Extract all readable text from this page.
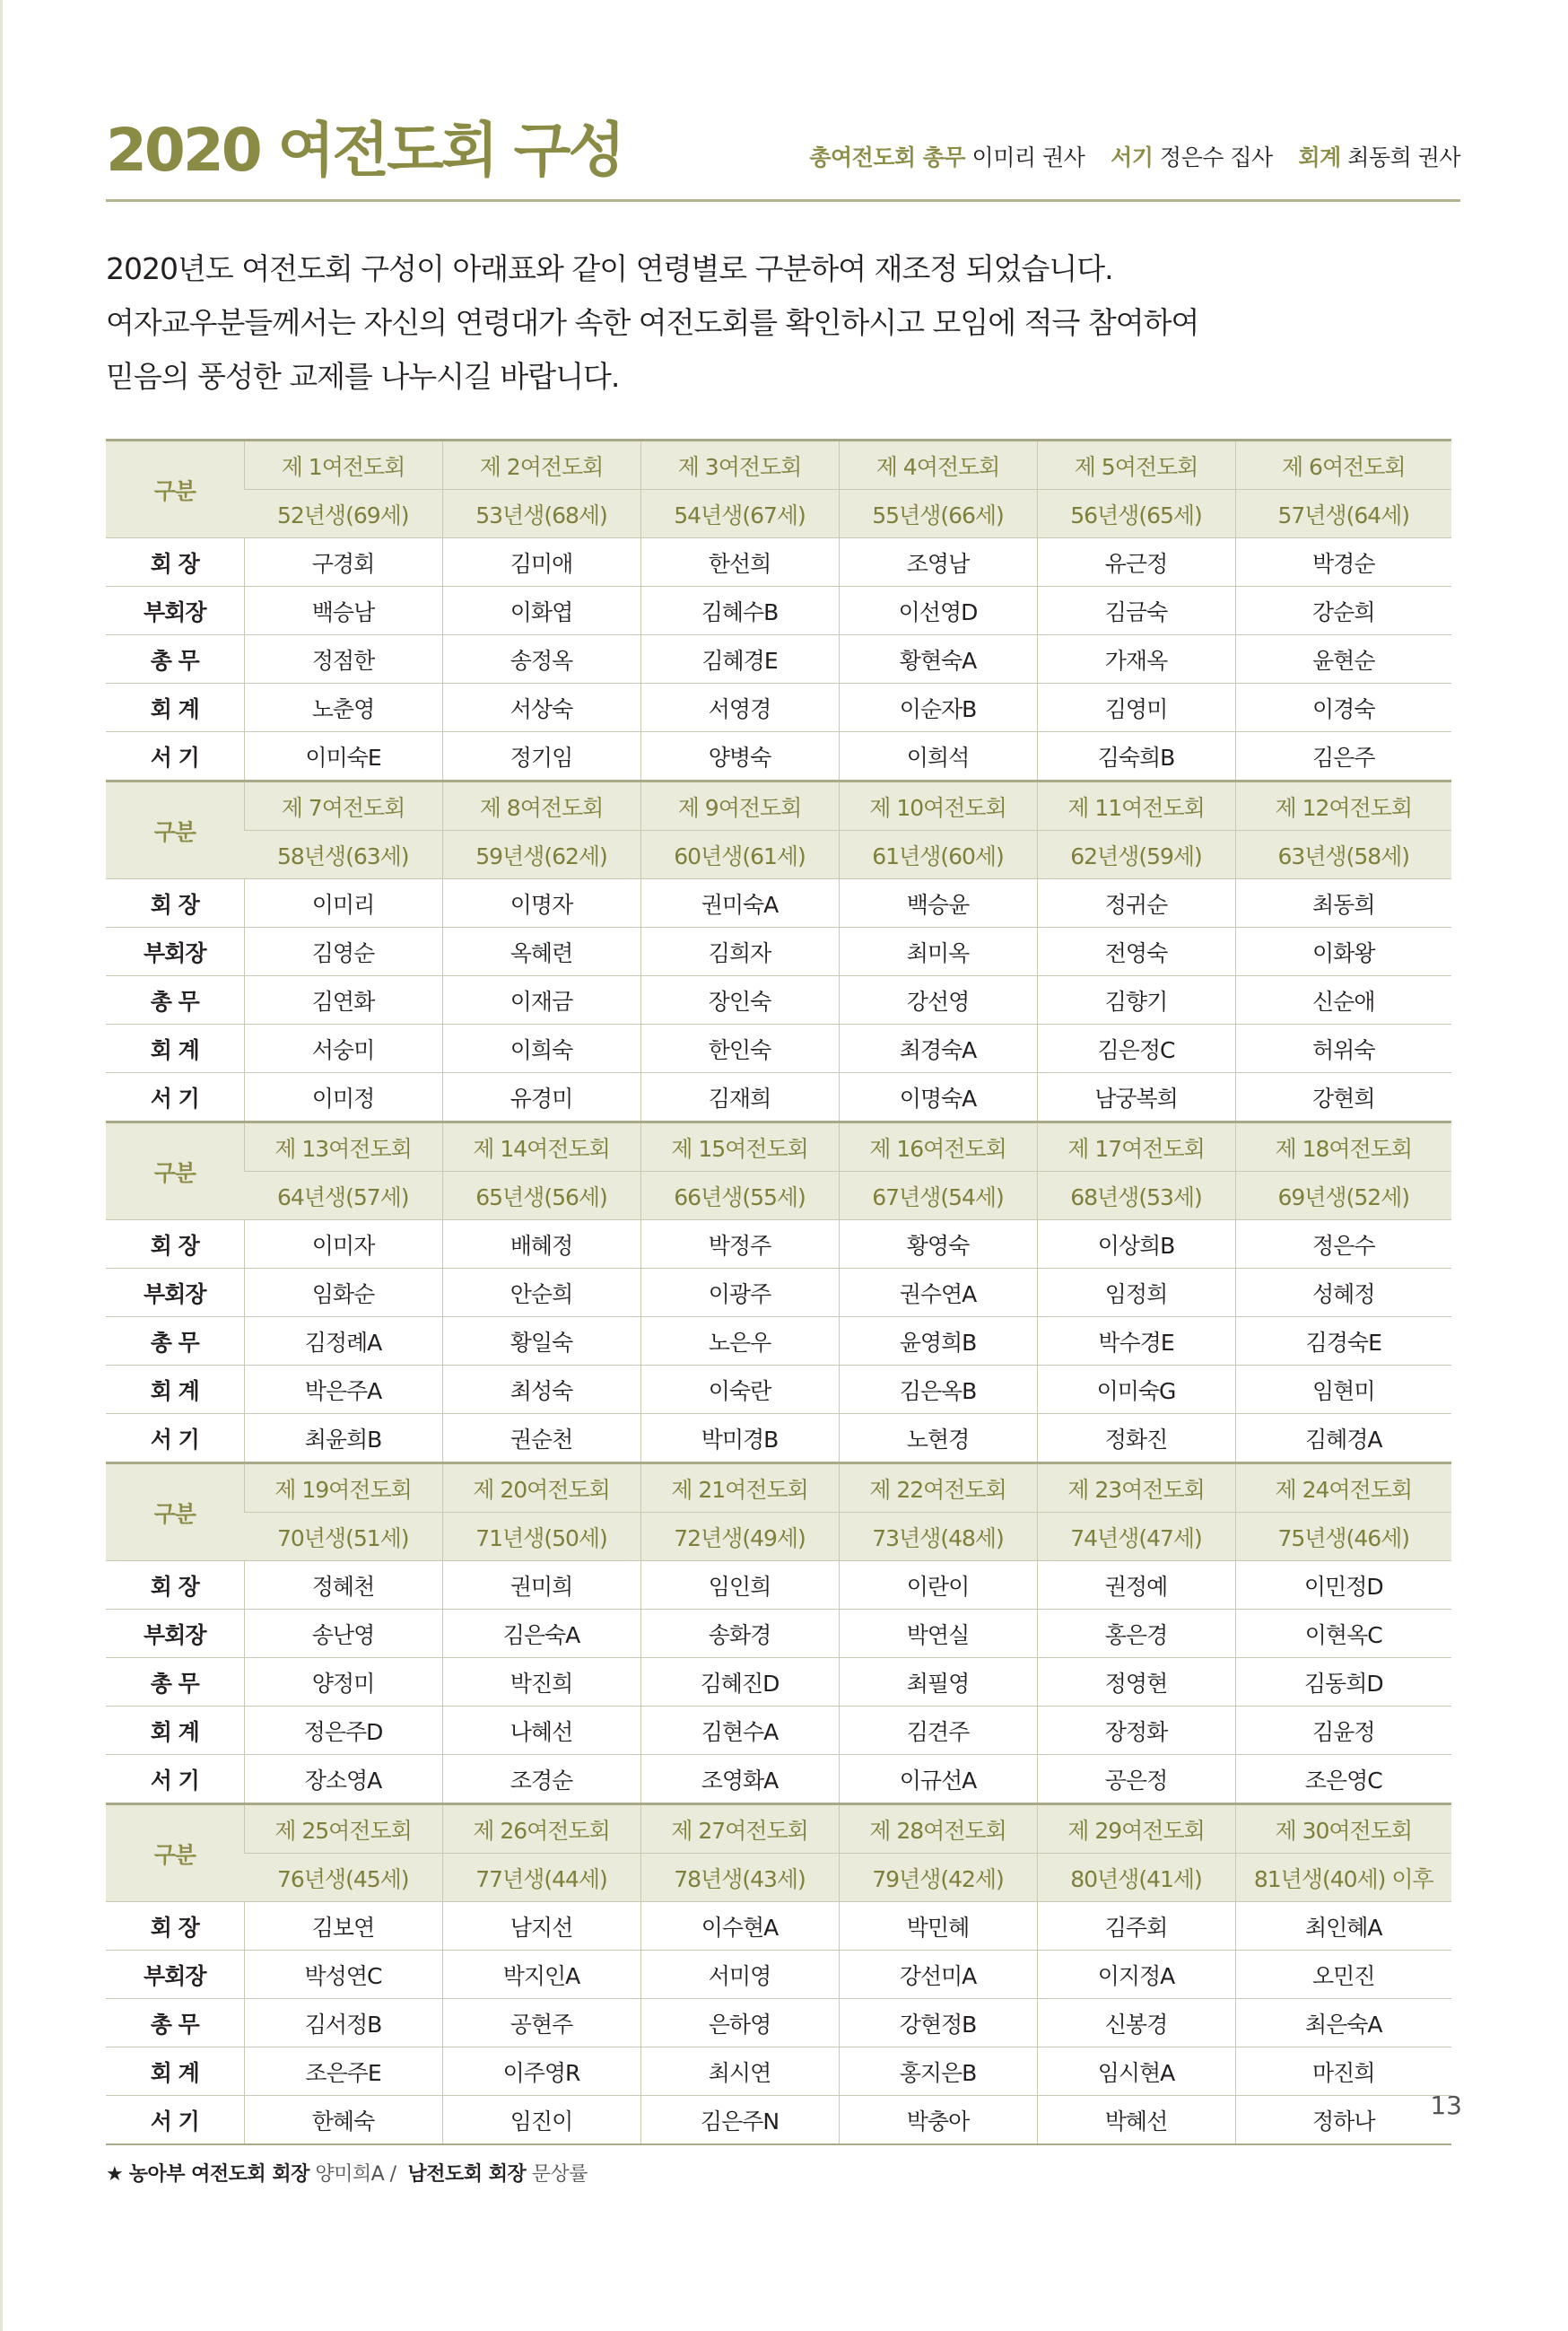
2020 여전도회 구성	총여전도회 총무 이미리 권사 서기 정은수 집사 회계 최동희 권사

2020년도 여전도회 구성이 아래표와 같이 연령별로 구분하여 재조정 되었습니다.

여자교우분들께서는 자신의 연령대가 속한 여전도회를 확인하시고 모임에 적극 참여하여

믿음의 풍성한 교제를 나누시길 바랍니다.

구분	제 1여전도회	제 2여전도회	제 3여전도회	제 4여전도회	제 5여전도회	제 6여전도회
	52년생(69세)	53년생(68세)	54년생(67세)	55년생(66세)	56년생(65세)	57년생(64세)
회 장	구경회	김미애	한선희	조영남	유근정	박경순
부회장	백승남	이화엽	김혜수B	이선영D	김금숙	강순희
총 무	정점한	송정옥	김혜경E	황현숙A	가재옥	윤현순
회 계	노춘영	서상숙	서영경	이순자B	김영미	이경숙
서 기	이미숙E	정기임	양병숙	이희석	김숙희B	김은주
구분	제 7여전도회	제 8여전도회	제 9여전도회	제 10여전도회	제 11여전도회	제 12여전도회
	58년생(63세)	59년생(62세)	60년생(61세)	61년생(60세)	62년생(59세)	63년생(58세)
회 장	이미리	이명자	권미숙A	백승윤	정귀순	최동희
부회장	김영순	옥혜련	김희자	최미옥	전영숙	이화왕
총 무	김연화	이재금	장인숙	강선영	김향기	신순애
회 계	서숭미	이희숙	한인숙	최경숙A	김은정C	허위숙
서 기	이미정	유경미	김재희	이명숙A	남궁복희	강현희
구분	제 13여전도회	제 14여전도회	제 15여전도회	제 16여전도회	제 17여전도회	제 18여전도회
	64년생(57세)	65년생(56세)	66년생(55세)	67년생(54세)	68년생(53세)	69년생(52세)
회 장	이미자	배혜정	박정주	황영숙	이상희B	정은수
부회장	임화순	안순희	이광주	권수연A	임정희	성혜정
총 무	김정례A	황일숙	노은우	윤영희B	박수경E	김경숙E
회 계	박은주A	최성숙	이숙란	김은옥B	이미숙G	임현미
서 기	최윤희B	권순천	박미경B	노현경	정화진	김혜경A
구분	제 19여전도회	제 20여전도회	제 21여전도회	제 22여전도회	제 23여전도회	제 24여전도회
	70년생(51세)	71년생(50세)	72년생(49세)	73년생(48세)	74년생(47세)	75년생(46세)
회 장	정혜천	권미희	임인희	이란이	권정예	이민정D
부회장	송난영	김은숙A	송화경	박연실	홍은경	이현옥C
총 무	양정미	박진희	김혜진D	최필영	정영현	김동희D
회 계	정은주D	나혜선	김현수A	김견주	장정화	김윤정
서 기	장소영A	조경순	조영화A	이규선A	공은정	조은영C
구분	제 25여전도회	제 26여전도회	제 27여전도회	제 28여전도회	제 29여전도회	제 30여전도회
	76년생(45세)	77년생(44세)	78년생(43세)	79년생(42세)	80년생(41세)	81년생(40세) 이후
회 장	김보연	남지선	이수현A	박민혜	김주회	최인혜A
부회장	박성연C	박지인A	서미영	강선미A	이지정A	오민진
총 무	김서정B	공현주	은하영	강현정B	신봉경	최은숙A
회 계	조은주E	이주영R	최시연	홍지은B	임시현A	마진희
서 기	한혜숙	임진이	김은주N	박충아	박혜선	정하나
★ 농아부 여전도회 회장 양미희A / 남전도회 회장 문상률
13
